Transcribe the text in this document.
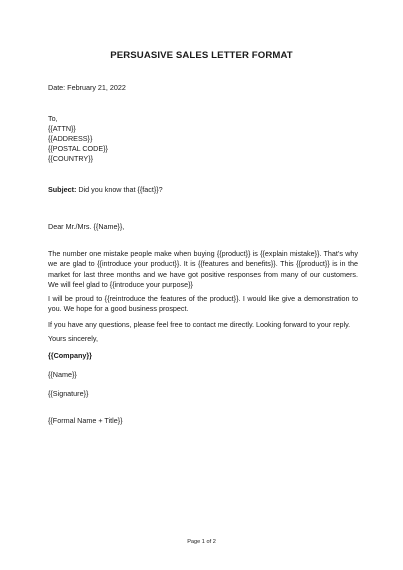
PERSUASIVE SALES LETTER FORMAT
Date: February 21, 2022
To,
{{ATTN}}
{{ADDRESS}}
{{POSTAL CODE}}
{{COUNTRY}}
Subject: Did you know that {{fact}}?
Dear Mr./Mrs. {{Name}},
The number one mistake people make when buying {{product}} is {{explain mistake}}. That’s why we are glad to {{introduce your product}}. It is {{features and benefits}}. This {{product}} is in the market for last three months and we have got positive responses from many of our customers. We will feel glad to {{introduce your purpose}}
I will be proud to {{reintroduce the features of the product}}. I would like give a demonstration to you. We hope for a good business prospect.
If you have any questions, please feel free to contact me directly. Looking forward to your reply.
Yours sincerely,
{{Company}}
{{Name}}
{{Signature}}
{{Formal Name + Title}}
Page 1 of 2
